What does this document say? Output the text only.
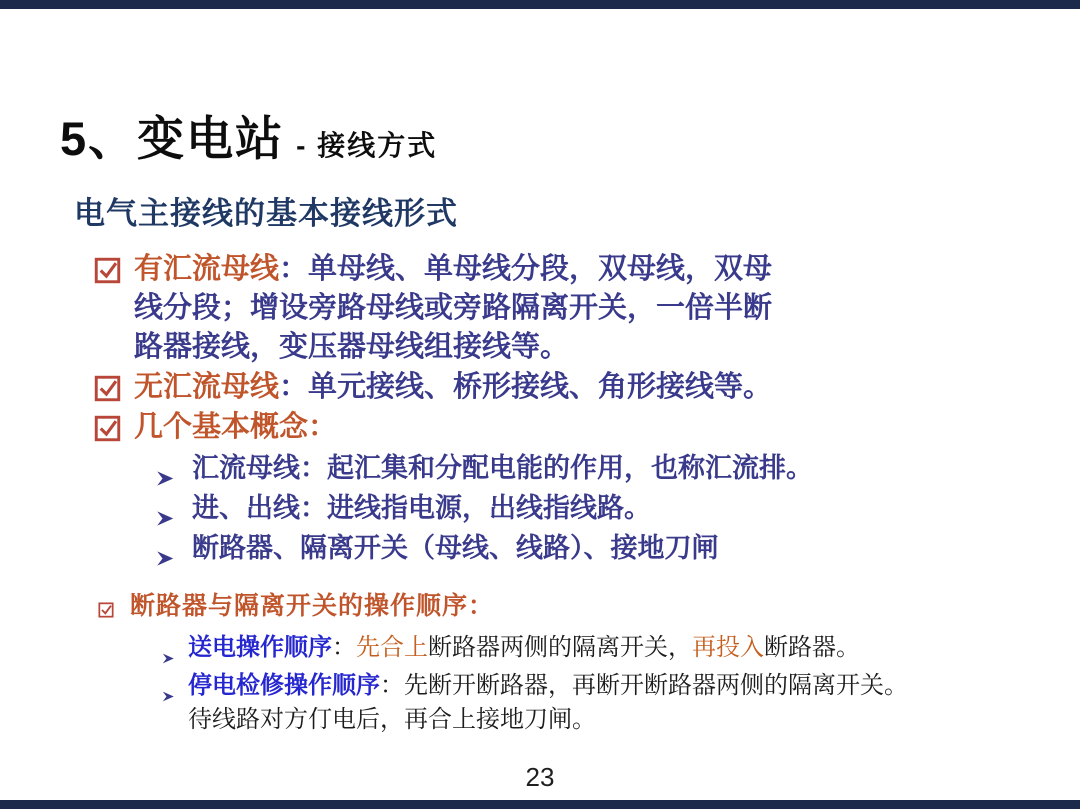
5、变电站 - 接线方式
电气主接线的基本接线形式
有汇流母线：单母线、单母线分段，双母线，双母线分段；增设旁路母线或旁路隔离开关，一倍半断路器接线，变压器母线组接线等。
无汇流母线：单元接线、桥形接线、角形接线等。
几个基本概念：
汇流母线：起汇集和分配电能的作用，也称汇流排。
进、出线：进线指电源，出线指线路。
断路器、隔离开关（母线、线路）、接地刀闸
断路器与隔离开关的操作顺序：
送电操作顺序：先合上断路器两侧的隔离开关，再投入断路器。
停电检修操作顺序：先断开断路器，再断开断路器两侧的隔离开关。
待线路对方仃电后，再合上接地刀闸。
23
